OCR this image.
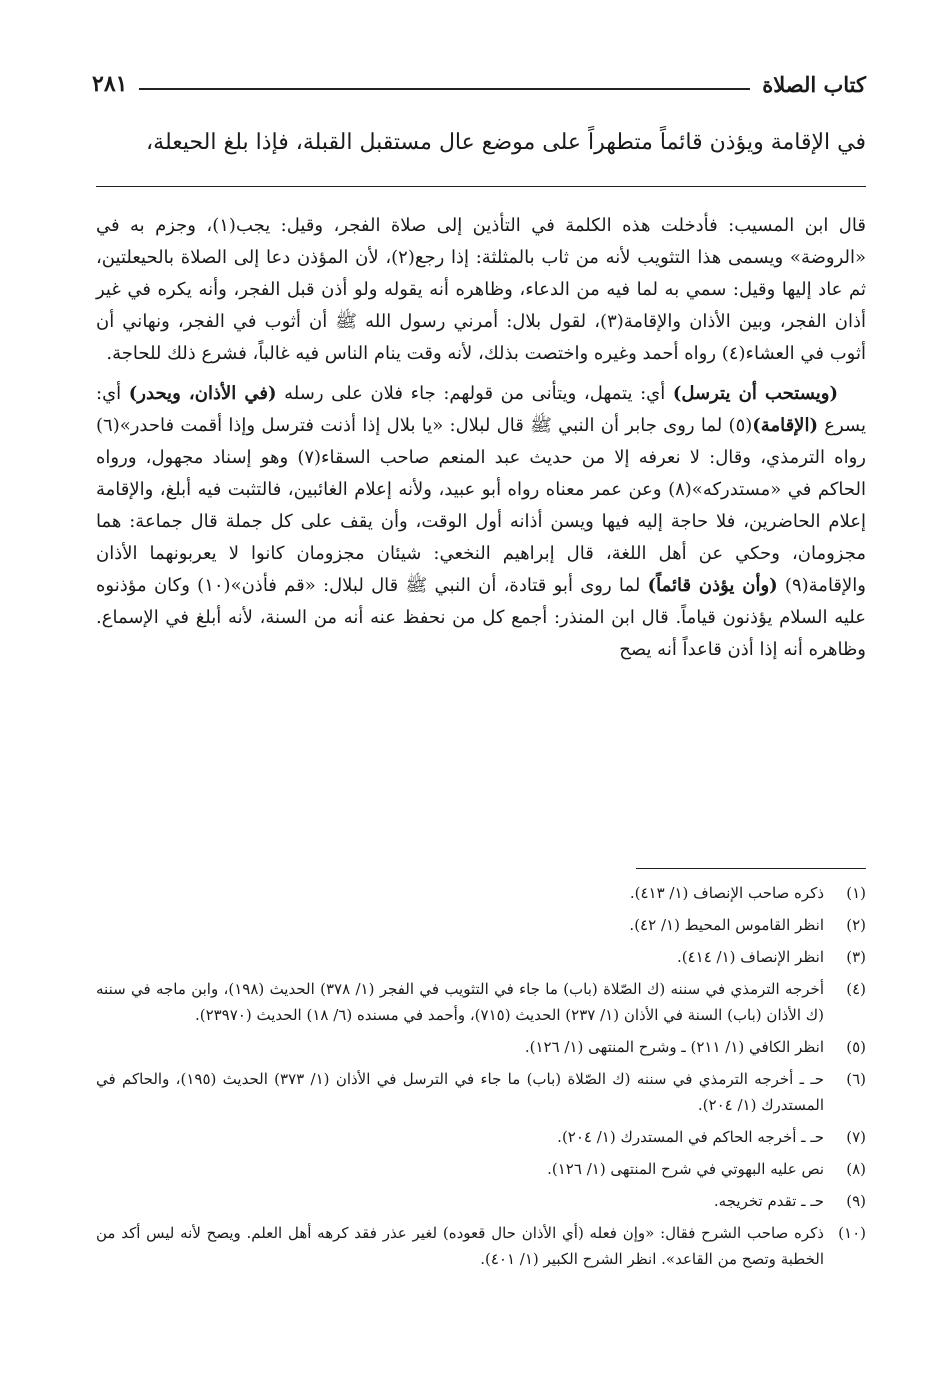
كتاب الصلاة
٢٨١
في الإقامة ويؤذن قائماً متطهراً على موضع عال مستقبل القبلة، فإذا بلغ الحيعلة،

قال ابن المسيب: فأدخلت هذه الكلمة في التأذين إلى صلاة الفجر، وقيل: يجب(١)، وجزم به في «الروضة» ويسمى هذا التثويب لأنه من ثاب بالمثلثة: إذا رجع(٢)، لأن المؤذن دعا إلى الصلاة بالحيعلتين، ثم عاد إليها وقيل: سمي به لما فيه من الدعاء، وظاهره أنه يقوله ولو أذن قبل الفجر، وأنه يكره في غير أذان الفجر، وبين الأذان والإقامة(٣)، لقول بلال: أمرني رسول الله ﷺ أن أثوب في الفجر، ونهاني أن أثوب في العشاء(٤) رواه أحمد وغيره واختصت بذلك، لأنه وقت ينام الناس فيه غالباً، فشرع ذلك للحاجة.

(ويستحب أن يترسل) أي: يتمهل، ويتأنى من قولهم: جاء فلان على رسله (في الأذان، ويحدر) أي: يسرع (الإقامة)(٥) لما روى جابر أن النبي ﷺ قال لبلال: «يا بلال إذا أذنت فترسل وإذا أقمت فاحدر»(٦) رواه الترمذي، وقال: لا نعرفه إلا من حديث عبد المنعم صاحب السقاء(٧) وهو إسناد مجهول، ورواه الحاكم في «مستدركه»(٨) وعن عمر معناه رواه أبو عبيد، ولأنه إعلام الغائبين، فالتثبت فيه أبلغ، والإقامة إعلام الحاضرين، فلا حاجة إليه فيها ويسن أذانه أول الوقت، وأن يقف على كل جملة قال جماعة: هما مجزومان، وحكي عن أهل اللغة، قال إبراهيم النخعي: شيئان مجزومان كانوا لا يعربونهما الأذان والإقامة(٩) (وأن يؤذن قائماً) لما روى أبو قتادة، أن النبي ﷺ قال لبلال: «قم فأذن»(١٠) وكان مؤذنوه عليه السلام يؤذنون قياماً. قال ابن المنذر: أجمع كل من نحفظ عنه أنه من السنة، لأنه أبلغ في الإسماع. وظاهره أنه إذا أذن قاعداً أنه يصح

(١)
ذكره صاحب الإنصاف (١/ ٤١٣).
(٢)
انظر القاموس المحيط (١/ ٤٢).
(٣)
انظر الإنصاف (١/ ٤١٤).
(٤)
أخرجه الترمذي في سننه (ك الصّلاة (باب) ما جاء في التثويب في الفجر (١/ ٣٧٨) الحديث (١٩٨)، وابن ماجه في سننه (ك الأذان (باب) السنة في الأذان (١/ ٢٣٧) الحديث (٧١٥)، وأحمد في مسنده (٦/ ١٨) الحديث (٢٣٩٧٠).
(٥)
انظر الكافي (١/ ٢١١) ـ وشرح المنتهى (١/ ١٢٦).
(٦)
حـ ـ أخرجه الترمذي في سننه (ك الصّلاة (باب) ما جاء في الترسل في الأذان (١/ ٣٧٣) الحديث (١٩٥)، والحاكم في المستدرك (١/ ٢٠٤).
(٧)
حـ ـ أخرجه الحاكم في المستدرك (١/ ٢٠٤).
(٨)
نص عليه البهوتي في شرح المنتهى (١/ ١٢٦).
(٩)
حـ ـ تقدم تخريجه.
(١٠)
ذكره صاحب الشرح فقال: «وإن فعله (أي الأذان حال قعوده) لغير عذر فقد كرهه أهل العلم. ويصح لأنه ليس أكد من الخطبة وتصح من القاعد». انظر الشرح الكبير (١/ ٤٠١).
